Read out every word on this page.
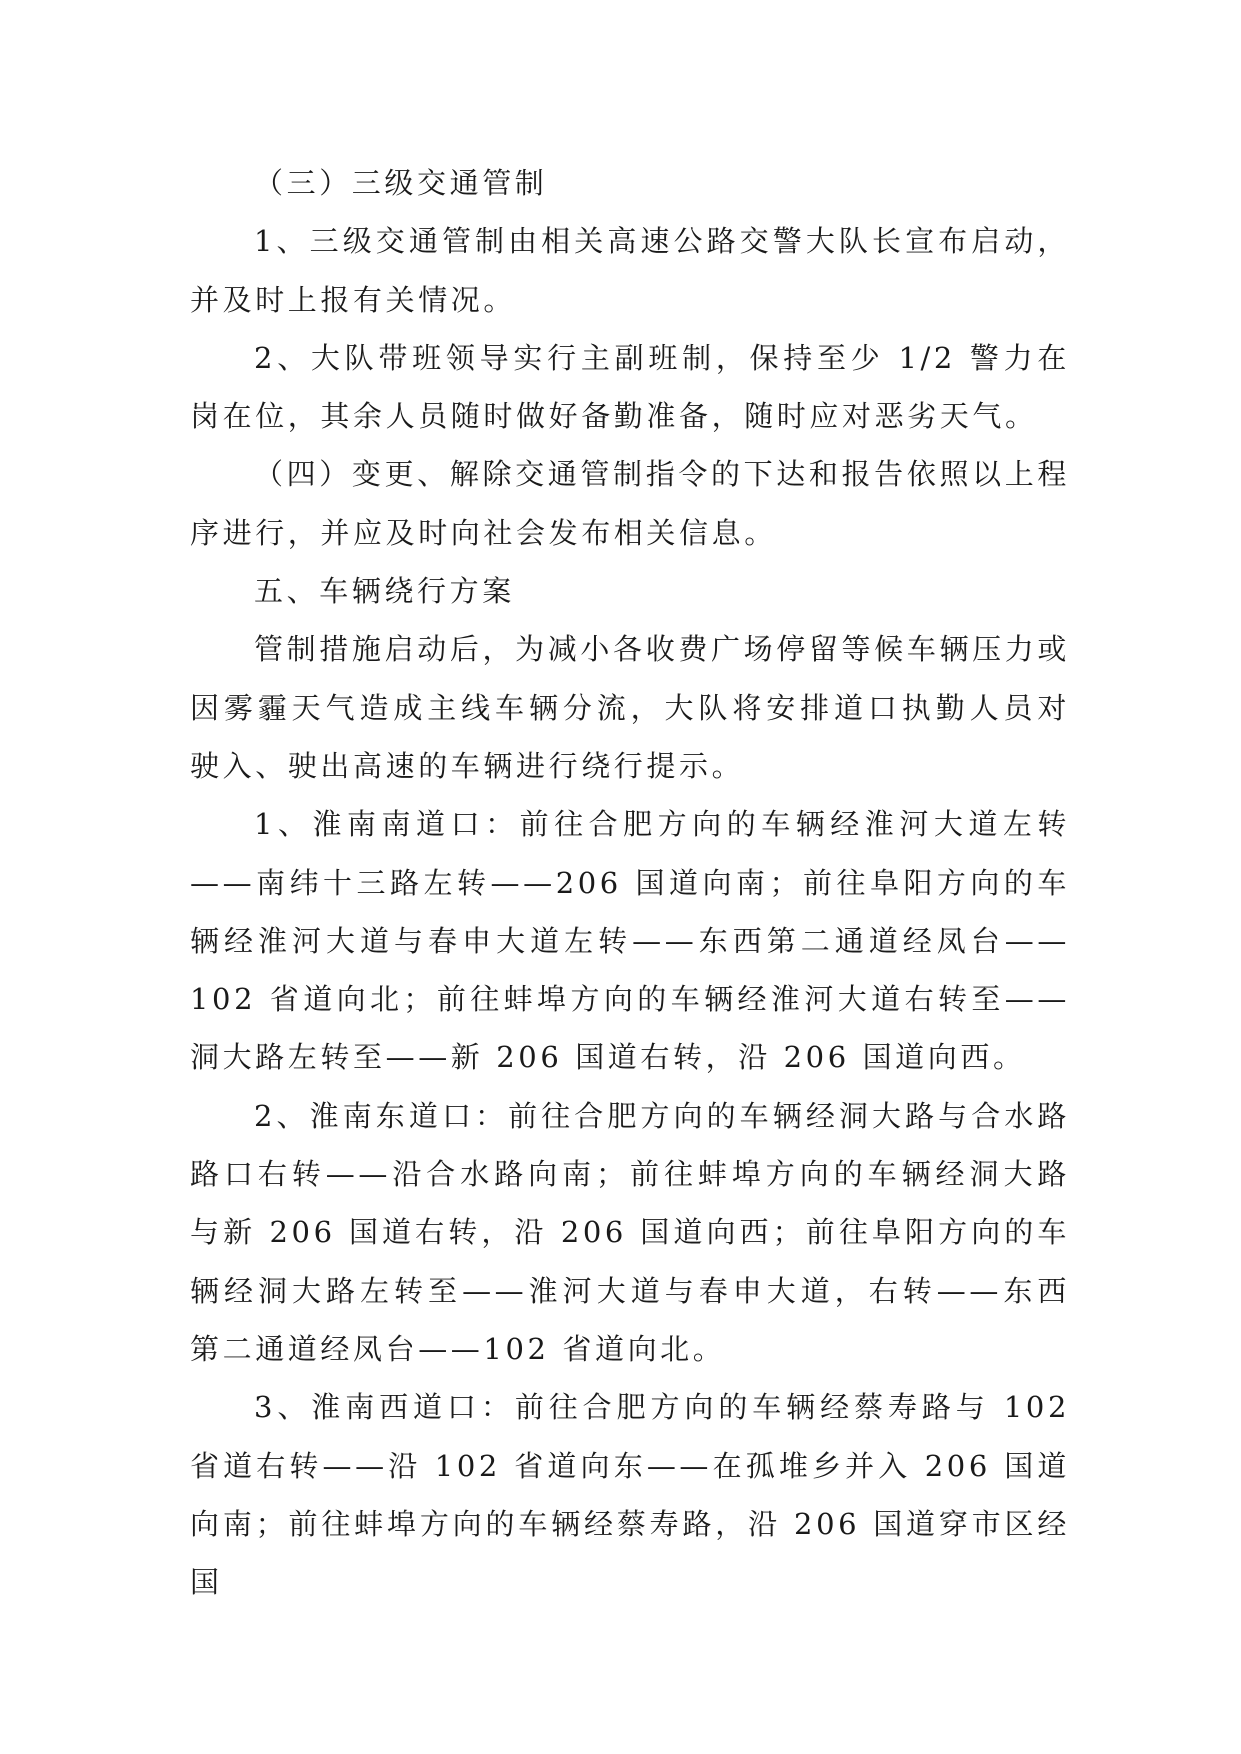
（三）三级交通管制

1、三级交通管制由相关高速公路交警大队长宣布启动，并及时上报有关情况。

2、大队带班领导实行主副班制，保持至少 1/2 警力在岗在位，其余人员随时做好备勤准备，随时应对恶劣天气。

（四）变更、解除交通管制指令的下达和报告依照以上程序进行，并应及时向社会发布相关信息。

五、车辆绕行方案

管制措施启动后，为减小各收费广场停留等候车辆压力或因雾霾天气造成主线车辆分流，大队将安排道口执勤人员对驶入、驶出高速的车辆进行绕行提示。

1、淮南南道口：前往合肥方向的车辆经淮河大道左转——南纬十三路左转——206 国道向南；前往阜阳方向的车辆经淮河大道与春申大道左转——东西第二通道经凤台——102 省道向北；前往蚌埠方向的车辆经淮河大道右转至——洞大路左转至——新 206 国道右转，沿 206 国道向西。

2、淮南东道口：前往合肥方向的车辆经洞大路与合水路路口右转——沿合水路向南；前往蚌埠方向的车辆经洞大路与新 206 国道右转，沿 206 国道向西；前往阜阳方向的车辆经洞大路左转至——淮河大道与春申大道，右转——东西第二通道经凤台——102 省道向北。

3、淮南西道口：前往合肥方向的车辆经蔡寿路与 102 省道右转——沿 102 省道向东——在孤堆乡并入 206 国道向南；前往蚌埠方向的车辆经蔡寿路，沿 206 国道穿市区经国
